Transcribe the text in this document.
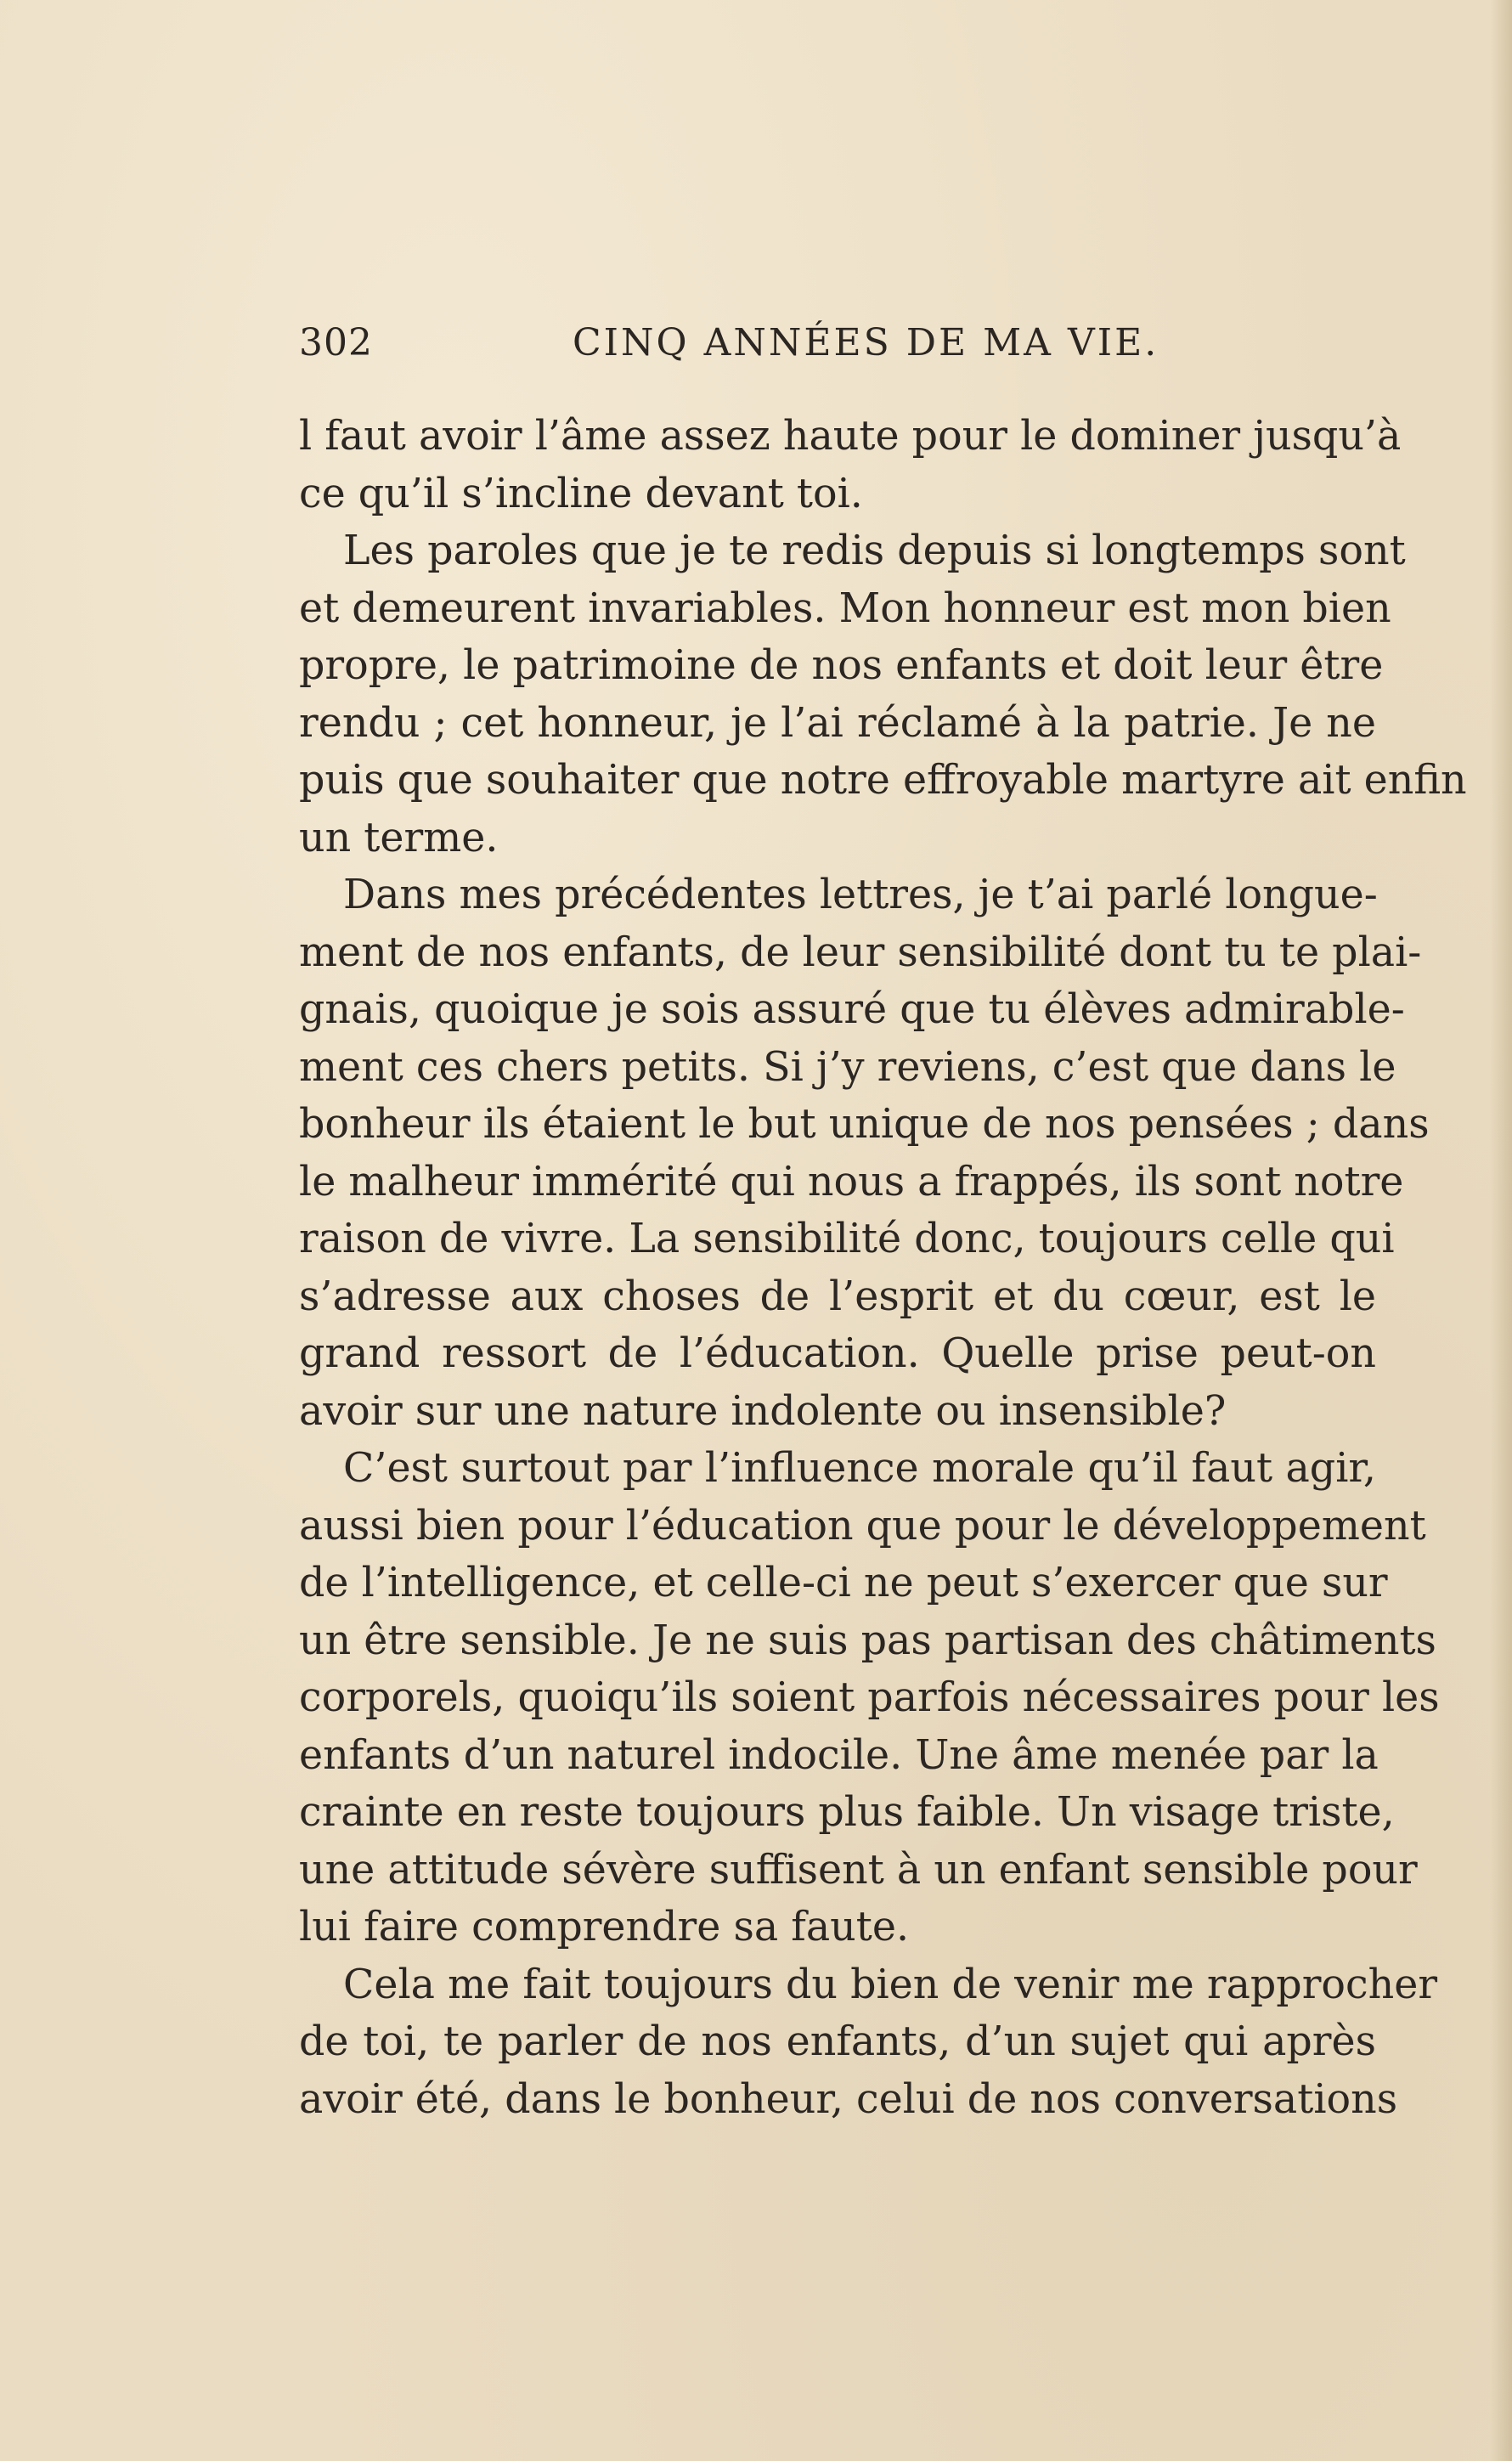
302	CINQ ANNÉES DE MA VIE.

l faut avoir l’âme assez haute pour le dominer jusqu’à
ce qu’il s’incline devant toi.

Les paroles que je te redis depuis si longtemps sont
et demeurent invariables. Mon honneur est mon bien
propre, le patrimoine de nos enfants et doit leur être
rendu ; cet honneur, je l’ai réclamé à la patrie. Je ne
puis que souhaiter que notre effroyable martyre ait enfin
un terme.

Dans mes précédentes lettres, je t’ai parlé longue-
ment de nos enfants, de leur sensibilité dont tu te plai-
gnais, quoique je sois assuré que tu élèves admirable-
ment ces chers petits. Si j’y reviens, c’est que dans le
bonheur ils étaient le but unique de nos pensées ; dans
le malheur immérité qui nous a frappés, ils sont notre
raison de vivre. La sensibilité donc, toujours celle qui
s’adresse aux choses de l’esprit et du cœur, est le
grand ressort de l’éducation. Quelle prise peut-on
avoir sur une nature indolente ou insensible?

C’est surtout par l’influence morale qu’il faut agir,
aussi bien pour l’éducation que pour le développement
de l’intelligence, et celle-ci ne peut s’exercer que sur
un être sensible. Je ne suis pas partisan des châtiments
corporels, quoiqu’ils soient parfois nécessaires pour les
enfants d’un naturel indocile. Une âme menée par la
crainte en reste toujours plus faible. Un visage triste,
une attitude sévère suffisent à un enfant sensible pour
lui faire comprendre sa faute.

Cela me fait toujours du bien de venir me rapprocher
de toi, te parler de nos enfants, d’un sujet qui après
avoir été, dans le bonheur, celui de nos conversations
